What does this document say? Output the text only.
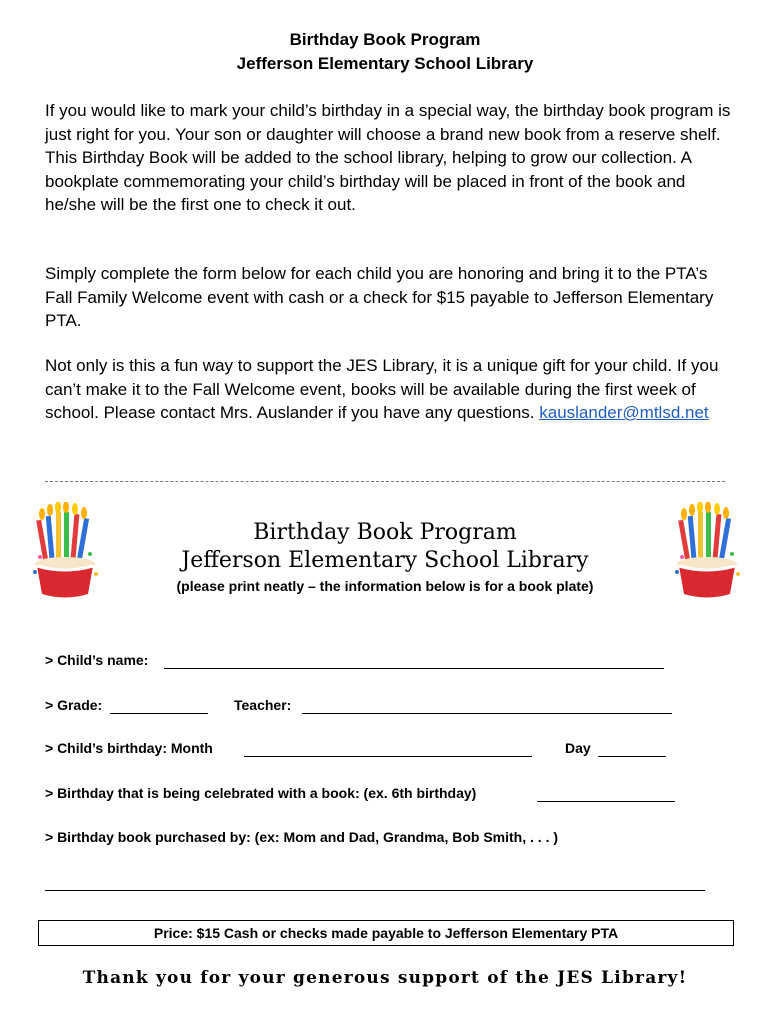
Birthday Book Program
Jefferson Elementary School Library
If you would like to mark your child’s birthday in a special way, the birthday book program is just right for you. Your son or daughter will choose a brand new book from a reserve shelf. This Birthday Book will be added to the school library, helping to grow our collection. A bookplate commemorating your child’s birthday will be placed in front of the book and he/she will be the first one to check it out.
Simply complete the form below for each child you are honoring and bring it to the PTA’s Fall Family Welcome event with cash or a check for $15 payable to Jefferson Elementary PTA.
Not only is this a fun way to support the JES Library, it is a unique gift for your child. If you can’t make it to the Fall Welcome event, books will be available during the first week of school. Please contact Mrs. Auslander if you have any questions. kauslander@mtlsd.net
Birthday Book Program
Jefferson Elementary School Library
(please print neatly – the information below is for a book plate)
> Child’s name:
> Grade:	Teacher:
> Child’s birthday: Month	Day
> Birthday that is being celebrated with a book: (ex. 6th birthday)
> Birthday book purchased by: (ex: Mom and Dad, Grandma, Bob Smith, . . . )
Price: $15 Cash or checks made payable to Jefferson Elementary PTA
Thank you for your generous support of the JES Library!
